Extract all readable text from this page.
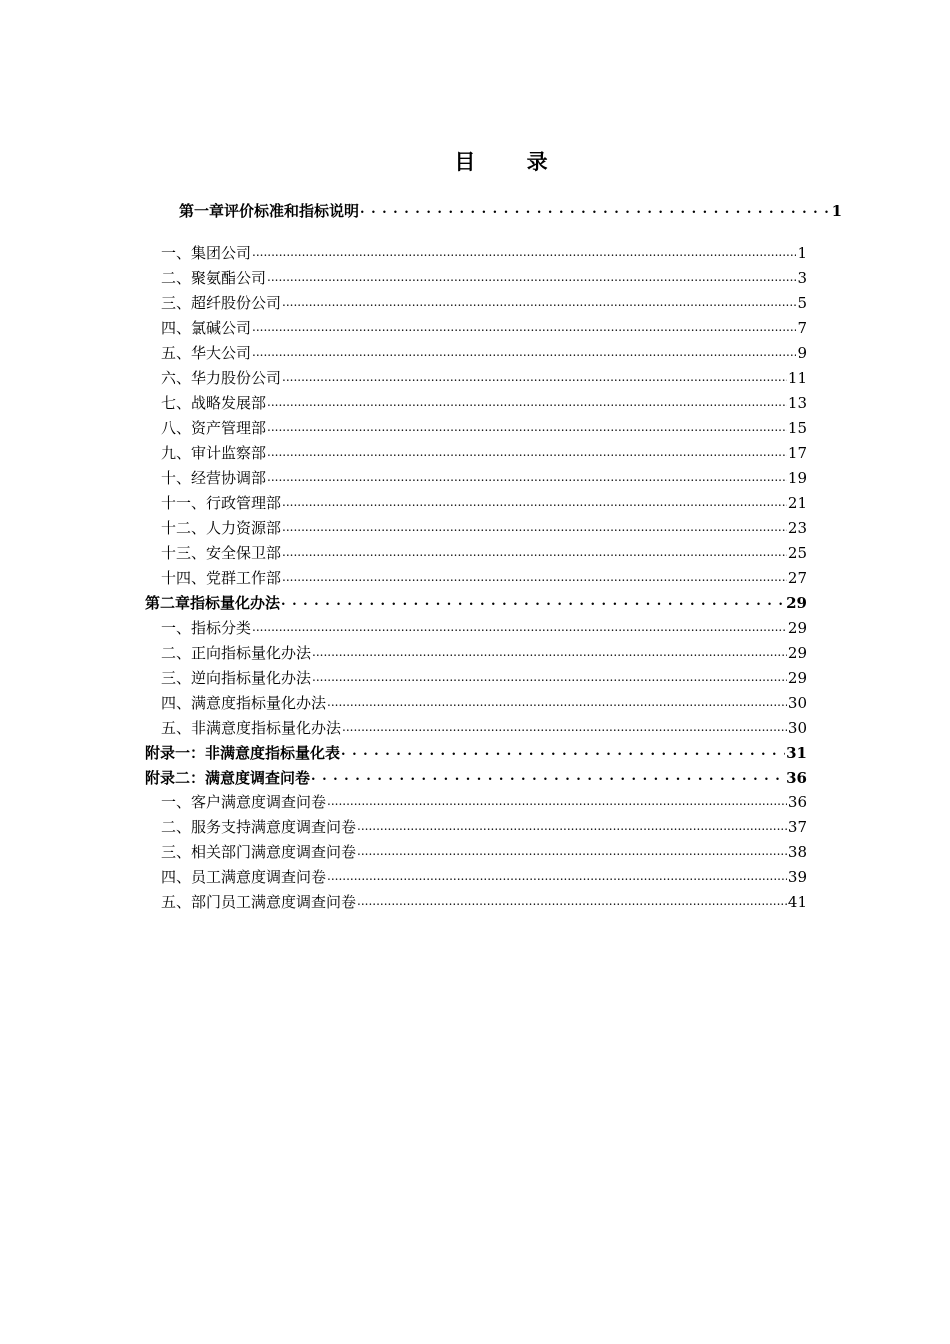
目 录
第一章 评价标准和指标说明 . . .	1
一、 集团公司 .....	1
二、 聚氨酯公司 .....	3
三、 超纤股份公司 .....	5
四、 氯碱公司 .....	7
五、 华大公司 .....	9
六、 华力股份公司 .....	11
七、 战略发展部 .....	13
八、 资产管理部 .....	15
九、 审计监察部 .....	17
十、 经营协调部 .....	19
十一、 行政管理部 .....	21
十二、 人力资源部 .....	23
十三、 安全保卫部 .....	25
十四、 党群工作部 .....	27
第二章 指标量化办法 . . .	29
一、 指标分类 .....	29
二、 正向指标量化办法 .....	29
三、 逆向指标量化办法 .....	29
四、 满意度指标量化办法 .....	30
五、 非满意度指标量化办法 .....	30
附录一： 非满意度指标量化表 . . .	31
附录二： 满意度调查问卷 . . .	36
一、 客户满意度调查问卷 .....	36
二、 服务支持满意度调查问卷 .....	37
三、 相关部门满意度调查问卷 .....	38
四、 员工满意度调查问卷 .....	39
五、 部门员工满意度调查问卷 .....	41
